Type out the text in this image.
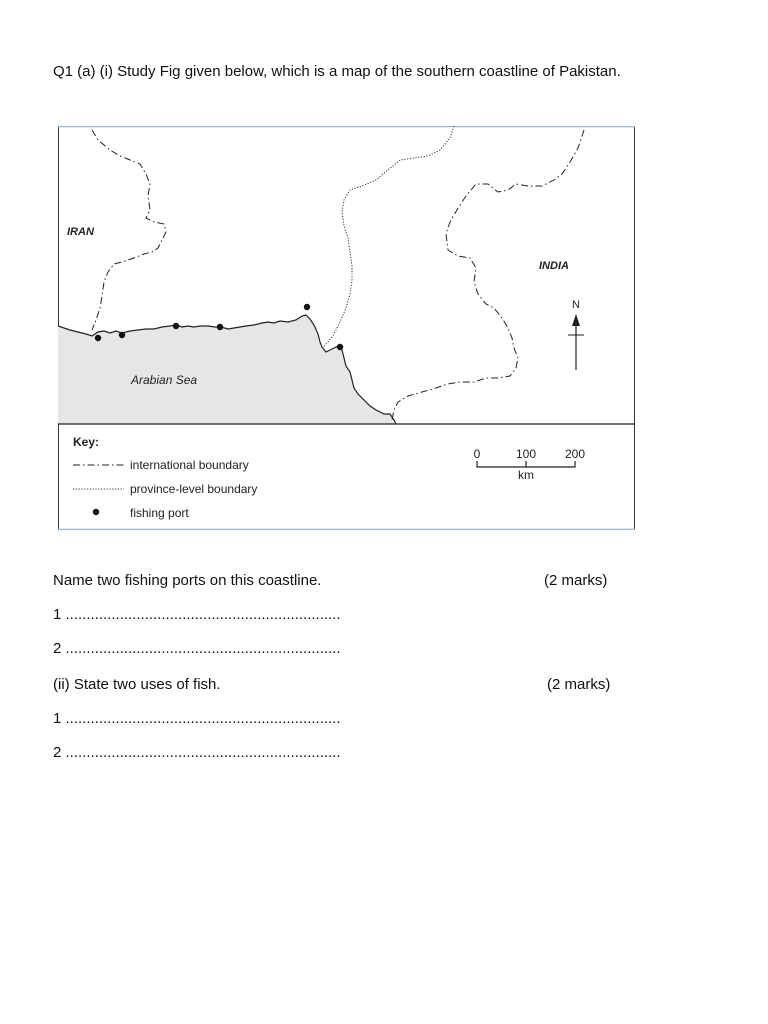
Q1 (a) (i) Study Fig given below, which is a map of the southern coastline of Pakistan.
IRAN
INDIA
Arabian Sea
N
Key:
international boundary
province-level boundary
fishing port
0	100 200
km
Name two fishing ports on this coastline.	(2 marks)
1 ..................................................................
2 ..................................................................
(ii) State two uses of fish.	(2 marks)
1 ..................................................................
2 ..................................................................
